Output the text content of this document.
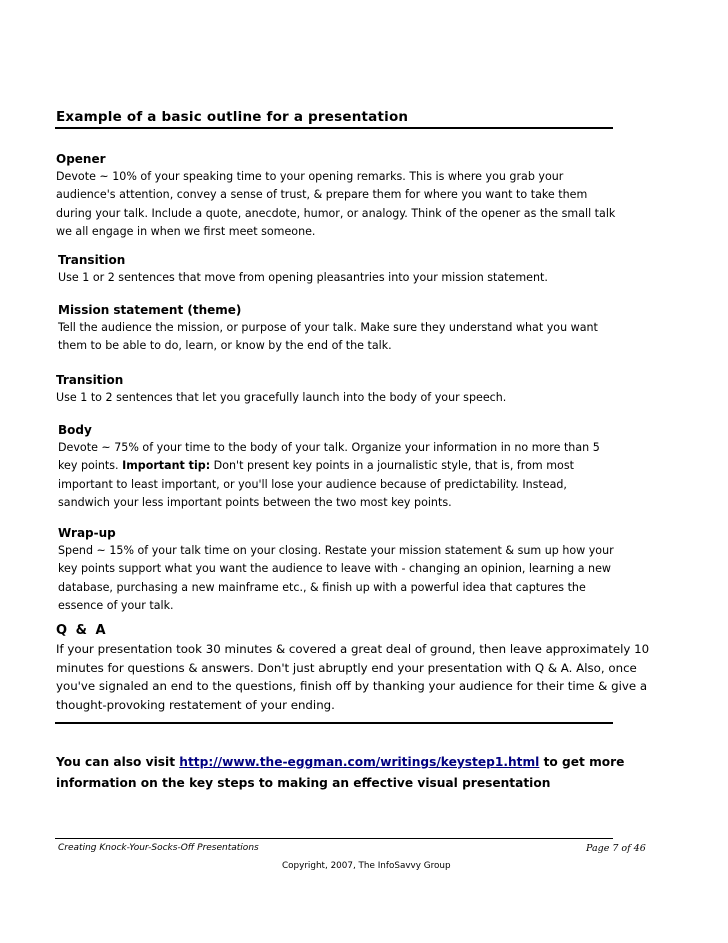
Example of a basic outline for a presentation
Opener
Devote ~ 10% of your speaking time to your opening remarks. This is where you grab your
audience's attention, convey a sense of trust, & prepare them for where you want to take them
during your talk. Include a quote, anecdote, humor, or analogy. Think of the opener as the small talk
we all engage in when we first meet someone.
Transition
Use 1 or 2 sentences that move from opening pleasantries into your mission statement.
Mission statement (theme)
Tell the audience the mission, or purpose of your talk. Make sure they understand what you want
them to be able to do, learn, or know by the end of the talk.
Transition
Use 1 to 2 sentences that let you gracefully launch into the body of your speech.
Body
Devote ~ 75% of your time to the body of your talk. Organize your information in no more than 5
key points. Important tip: Don't present key points in a journalistic style, that is, from most
important to least important, or you'll lose your audience because of predictability. Instead,
sandwich your less important points between the two most key points.
Wrap-up
Spend ~ 15% of your talk time on your closing. Restate your mission statement & sum up how your
key points support what you want the audience to leave with - changing an opinion, learning a new
database, purchasing a new mainframe etc., & finish up with a powerful idea that captures the
essence of your talk.
Q & A
If your presentation took 30 minutes & covered a great deal of ground, then leave approximately 10
minutes for questions & answers. Don't just abruptly end your presentation with Q & A. Also, once
you've signaled an end to the questions, finish off by thanking your audience for their time & give a
thought-provoking restatement of your ending.
You can also visit http://www.the-eggman.com/writings/keystep1.html to get more
information on the key steps to making an effective visual presentation
Creating Knock-Your-Socks-Off Presentations	Page 7 of 46
Copyright, 2007, The InfoSavvy Group
